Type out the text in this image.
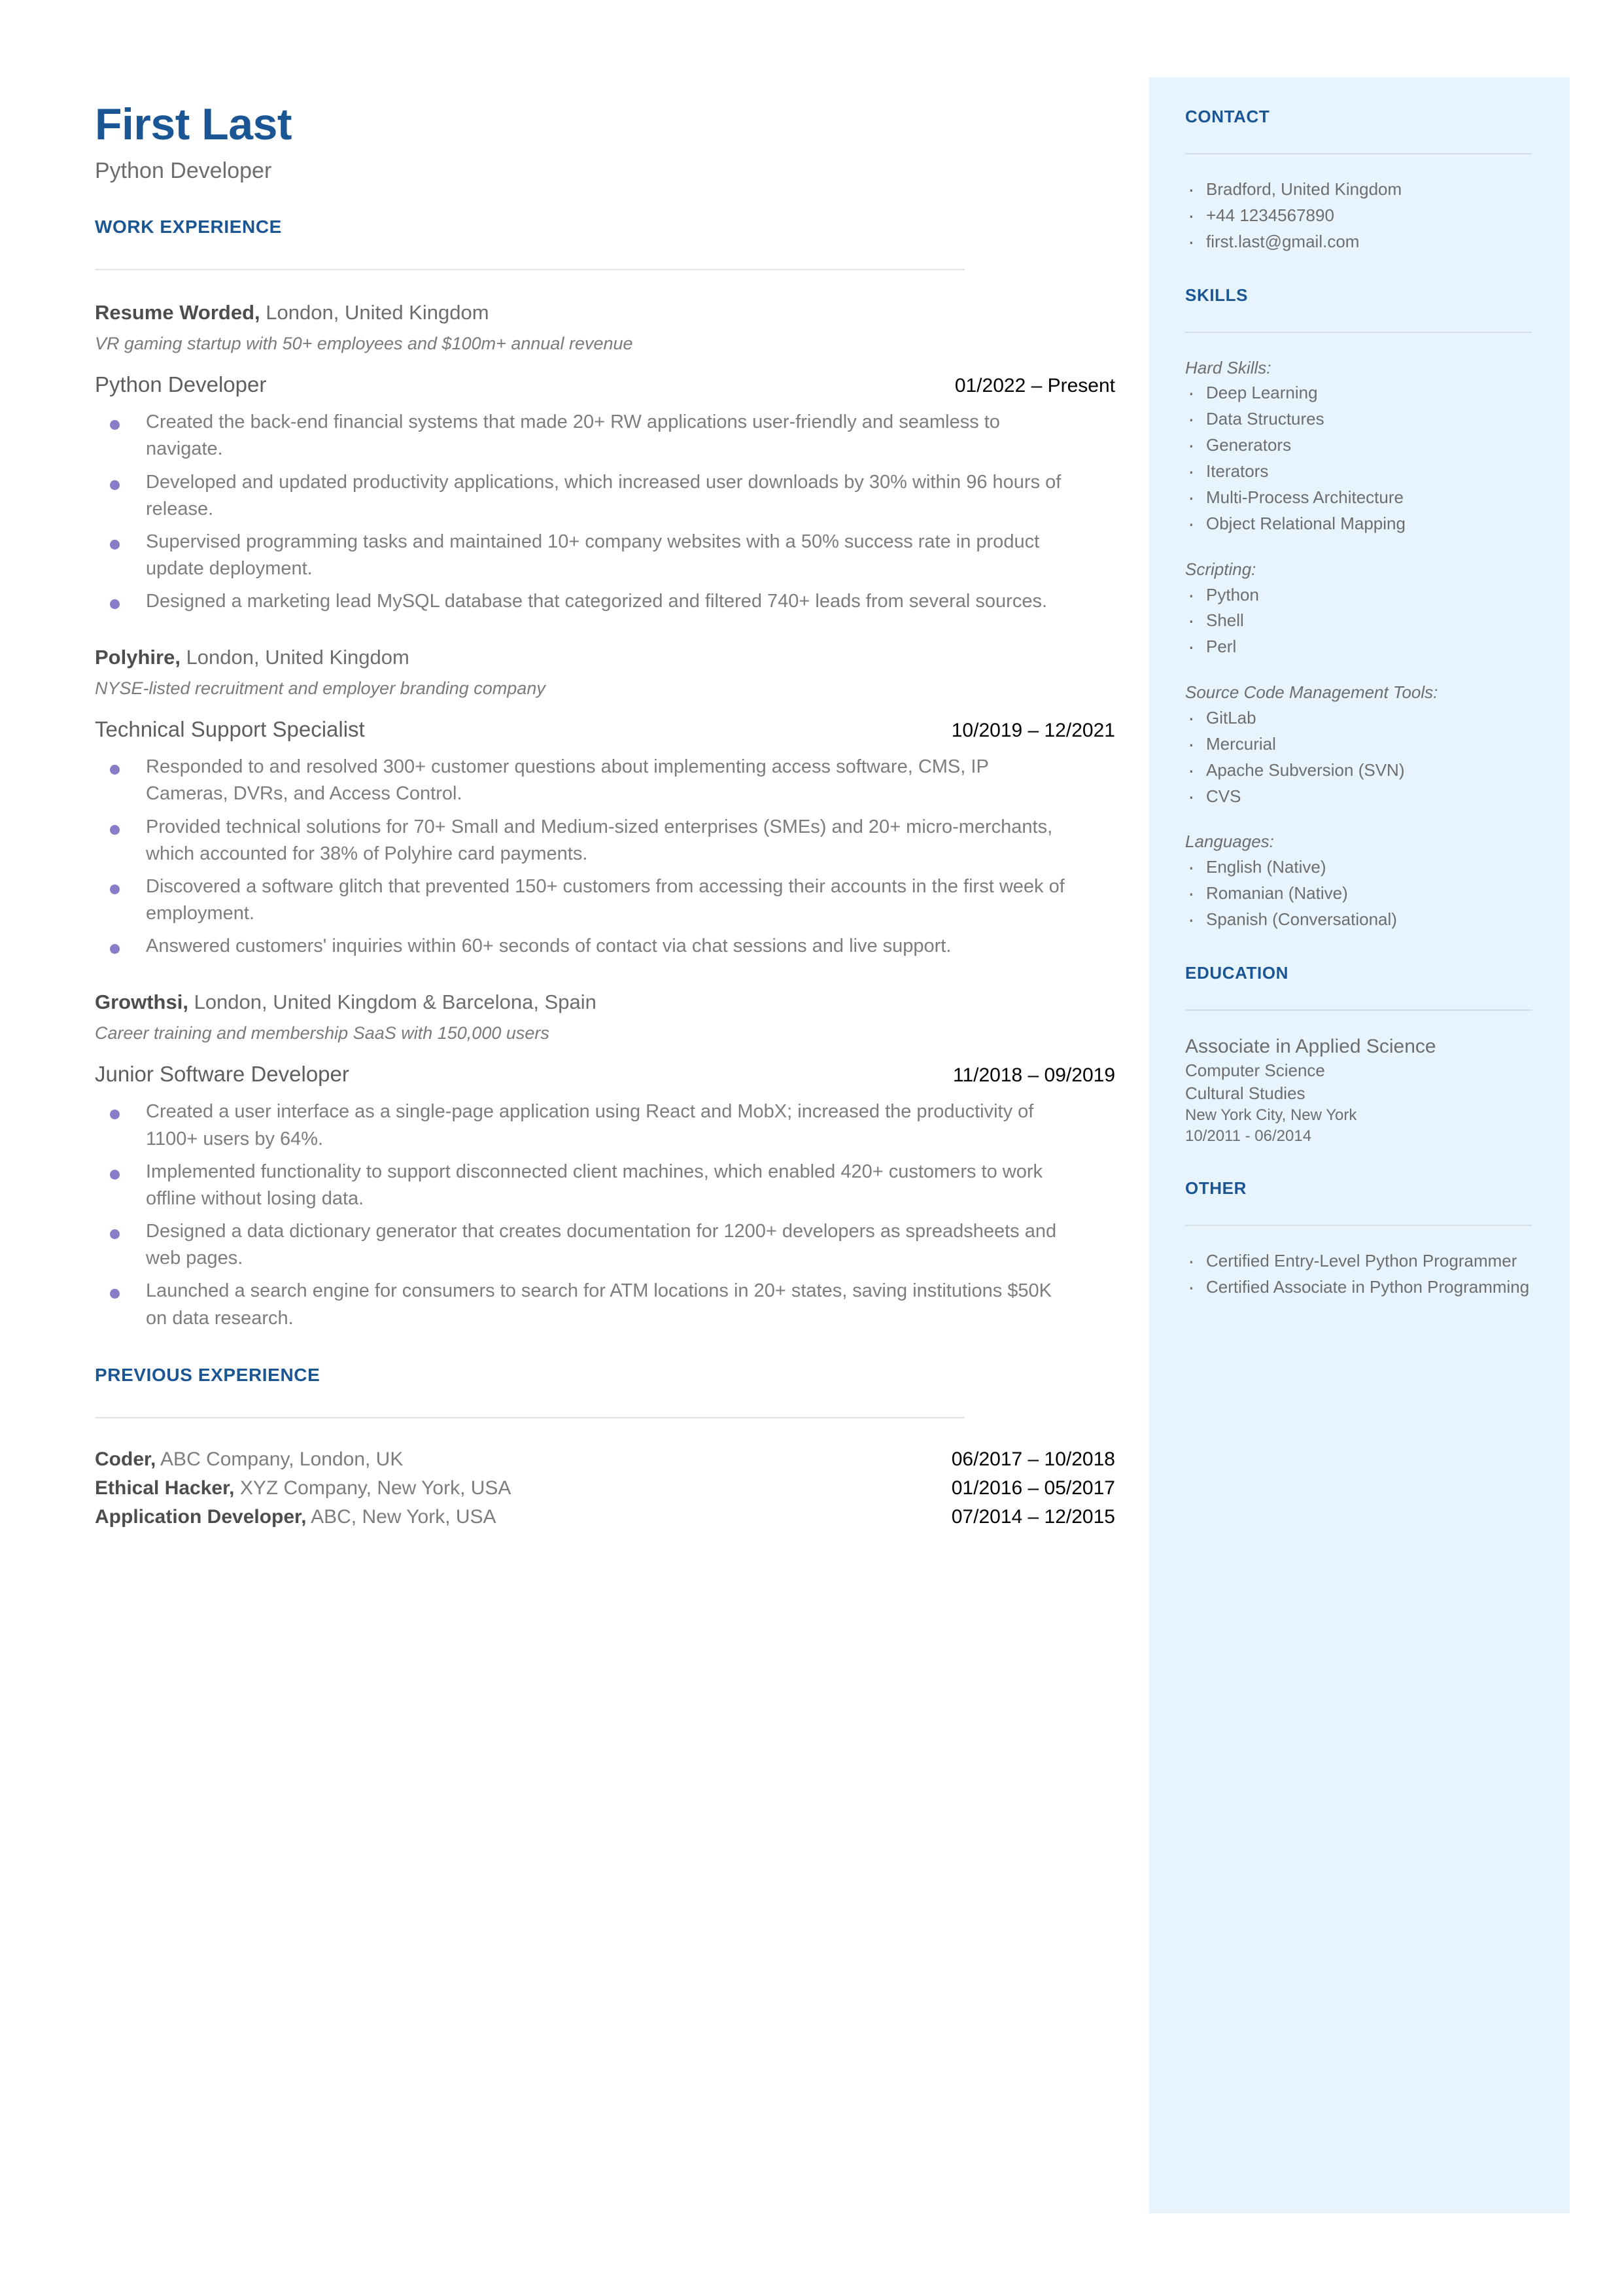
CONTACT
· Bradford, United Kingdom
· +44 1234567890
· first.last@gmail.com
SKILLS
Hard Skills:
· Deep Learning
· Data Structures
· Generators
· Iterators
· Multi-Process Architecture
· Object Relational Mapping
Scripting:
· Python
· Shell
· Perl
Source Code Management Tools:
· GitLab
· Mercurial
· Apache Subversion (SVN)
· CVS
Languages:
· English (Native)
· Romanian (Native)
· Spanish (Conversational)
EDUCATION
Associate in Applied Science
Computer Science
Cultural Studies
New York City, New York
10/2011 - 06/2014
OTHER
· Certified Entry-Level Python Programmer
· Certified Associate in Python Programming
First Last
Python Developer
WORK EXPERIENCE
Resume Worded, London, United Kingdom
VR gaming startup with 50+ employees and $100m+ annual revenue
Python Developer	01/2022 – Present
Created the back-end financial systems that made 20+ RW applications user-friendly and seamless to navigate.
Developed and updated productivity applications, which increased user downloads by 30% within 96 hours of release.
Supervised programming tasks and maintained 10+ company websites with a 50% success rate in product update deployment.
Designed a marketing lead MySQL database that categorized and filtered 740+ leads from several sources.
Polyhire, London, United Kingdom
NYSE-listed recruitment and employer branding company
Technical Support Specialist	10/2019 – 12/2021
Responded to and resolved 300+ customer questions about implementing access software, CMS, IP Cameras, DVRs, and Access Control.
Provided technical solutions for 70+ Small and Medium-sized enterprises (SMEs) and 20+ micro-merchants, which accounted for 38% of Polyhire card payments.
Discovered a software glitch that prevented 150+ customers from accessing their accounts in the first week of employment.
Answered customers' inquiries within 60+ seconds of contact via chat sessions and live support.
Growthsi, London, United Kingdom & Barcelona, Spain
Career training and membership SaaS with 150,000 users
Junior Software Developer	11/2018 – 09/2019
Created a user interface as a single-page application using React and MobX; increased the productivity of 1100+ users by 64%.
Implemented functionality to support disconnected client machines, which enabled 420+ customers to work offline without losing data.
Designed a data dictionary generator that creates documentation for 1200+ developers as spreadsheets and web pages.
Launched a search engine for consumers to search for ATM locations in 20+ states, saving institutions $50K on data research.
PREVIOUS EXPERIENCE
Coder, ABC Company, London, UK	06/2017 – 10/2018
Ethical Hacker, XYZ Company, New York, USA	01/2016 – 05/2017
Application Developer, ABC, New York, USA	07/2014 – 12/2015
